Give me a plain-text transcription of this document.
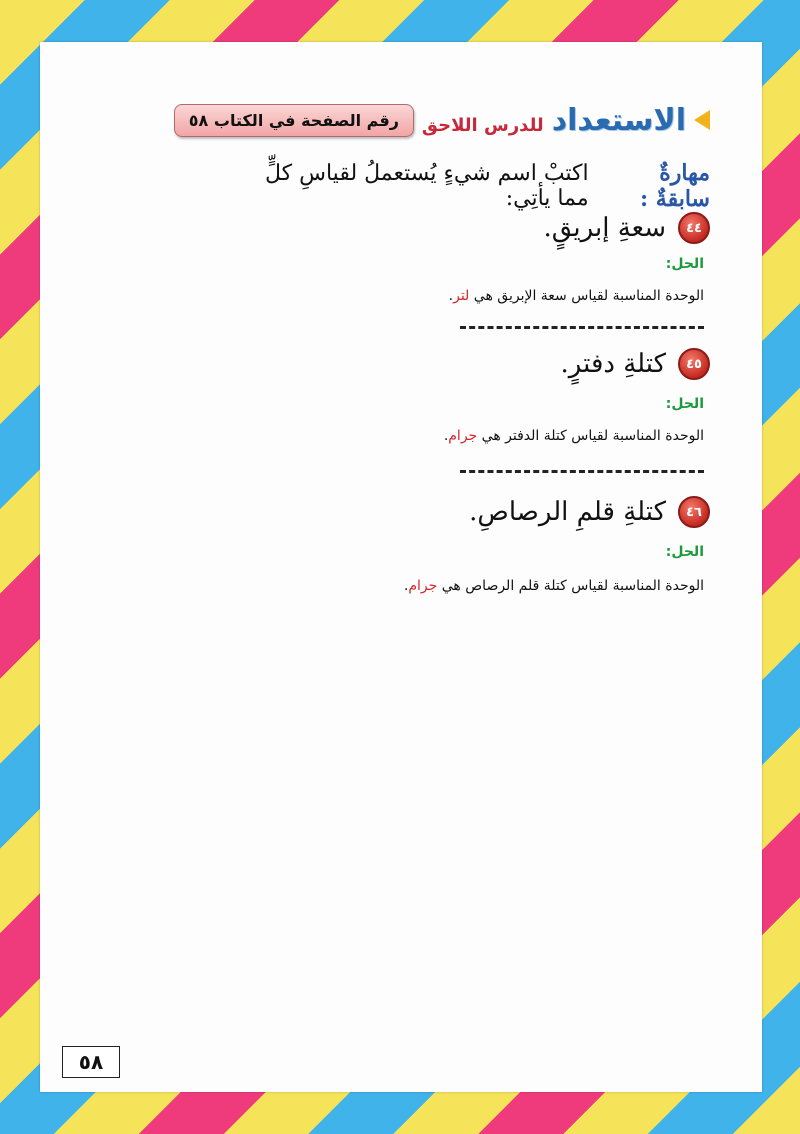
الاستعداد
للدرس اللاحق
رقم الصفحة في الكتاب ٥٨
مهارةٌ سابقةٌ :
اكتبْ اسم شيءٍ يُستعملُ لقياسِ كلٍّ مما يأتِي:
٤٤
سعةِ إبريقٍ.
الحل:
الوحدة المناسبة لقياس سعة الإبريق هي لتر.
٤٥
كتلةِ دفترٍ.
الحل:
الوحدة المناسبة لقياس كتلة الدفتر هي جرام.
٤٦
كتلةِ قلمِ الرصاصِ.
الحل:
الوحدة المناسبة لقياس كتلة قلم الرصاص هي جرام.
٥٨
